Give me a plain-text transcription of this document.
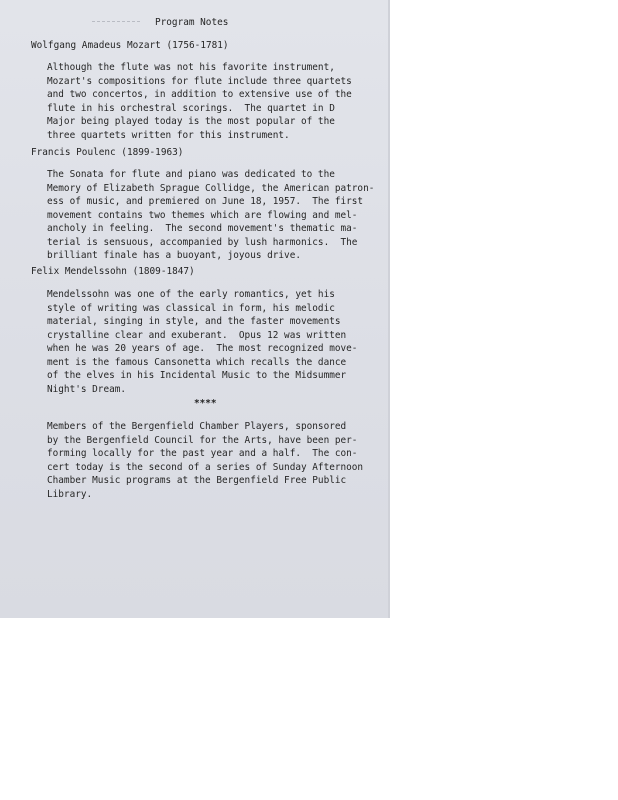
Program Notes

Wolfgang Amadeus Mozart (1756-1781)

Although the flute was not his favorite instrument,
Mozart's compositions for flute include three quartets
and two concertos, in addition to extensive use of the
flute in his orchestral scorings.  The quartet in D
Major being played today is the most popular of the
three quartets written for this instrument.

Francis Poulenc (1899-1963)

The Sonata for flute and piano was dedicated to the
Memory of Elizabeth Sprague Collidge, the American patron-
ess of music, and premiered on June 18, 1957.  The first
movement contains two themes which are flowing and mel-
ancholy in feeling.  The second movement's thematic ma-
terial is sensuous, accompanied by lush harmonics.  The
brilliant finale has a buoyant, joyous drive.

Felix Mendelssohn (1809-1847)

Mendelssohn was one of the early romantics, yet his
style of writing was classical in form, his melodic
material, singing in style, and the faster movements
crystalline clear and exuberant.  Opus 12 was written
when he was 20 years of age.  The most recognized move-
ment is the famous Cansonetta which recalls the dance
of the elves in his Incidental Music to the Midsummer
Night's Dream.

****

Members of the Bergenfield Chamber Players, sponsored
by the Bergenfield Council for the Arts, have been per-
forming locally for the past year and a half.  The con-
cert today is the second of a series of Sunday Afternoon
Chamber Music programs at the Bergenfield Free Public
Library.
